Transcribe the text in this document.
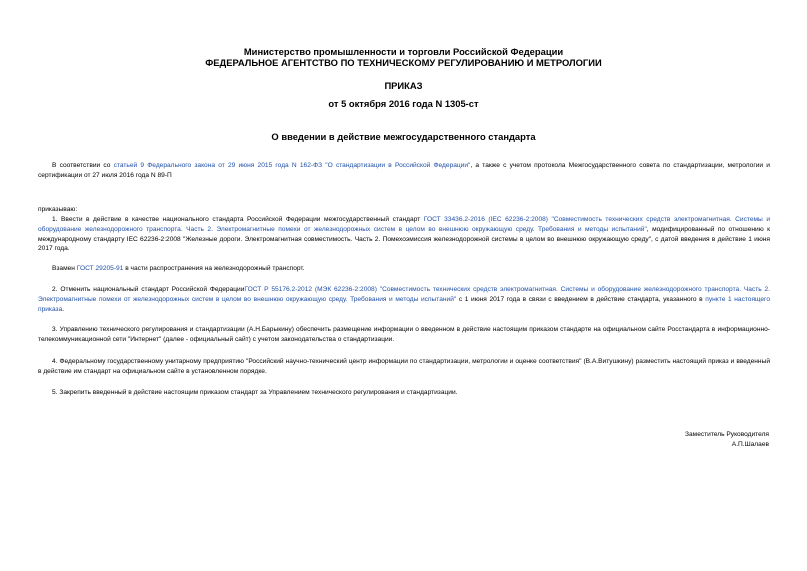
Министерство промышленности и торговли Российской Федерации
ФЕДЕРАЛЬНОЕ АГЕНТСТВО ПО ТЕХНИЧЕСКОМУ РЕГУЛИРОВАНИЮ И МЕТРОЛОГИИ
ПРИКАЗ
от 5 октября 2016 года N 1305-ст
О введении в действие межгосударственного стандарта
В соответствии со статьей 9 Федерального закона от 29 июня 2015 года N 162-ФЗ "О стандартизации в Российской Федерации", а также с учетом протокола Межгосударственного совета по стандартизации, метрологии и сертификации от 27 июля 2016 года N 89-П
приказываю:
1. Ввести в действие в качестве национального стандарта Российской Федерации межгосударственный стандарт ГОСТ 33436.2-2016 (IEC 62236-2:2008) "Совместимость технических средств электромагнитная. Системы и оборудование железнодорожного транспорта. Часть 2. Электромагнитные помехи от железнодорожных систем в целом во внешнюю окружающую среду. Требования и методы испытаний", модифицированный по отношению к международному стандарту IEC 62236-2:2008 "Железные дороги. Электромагнитная совместимость. Часть 2. Помехоэмиссия железнодорожной системы в целом во внешнюю окружающую среду", с датой введения в действие 1 июня 2017 года.
Взамен ГОСТ 29205-91 в части распространения на железнодорожный транспорт.
2. Отменить национальный стандарт Российской ФедерацииГОСТ Р 55176.2-2012 (МЭК 62236-2:2008) "Совместимость технических средств электромагнитная. Системы и оборудование железнодорожного транспорта. Часть 2. Электромагнитные помехи от железнодорожных систем в целом во внешнюю окружающую среду. Требования и методы испытаний" с 1 июня 2017 года в связи с введением в действие стандарта, указанного в пункте 1 настоящего приказа.
3. Управлению технического регулирования и стандартизации (А.Н.Барыкину) обеспечить размещение информации о введенном в действие настоящим приказом стандарте на официальном сайте Росстандарта в информационно-телекоммуникационной сети "Интернет" (далее - официальный сайт) с учетом законодательства о стандартизации.
4. Федеральному государственному унитарному предприятию "Российский научно-технический центр информации по стандартизации, метрологии и оценке соответствия" (В.А.Витушкину) разместить настоящий приказ и введенный в действие им стандарт на официальном сайте в установленном порядке.
5. Закрепить введенный в действие настоящим приказом стандарт за Управлением технического регулирования и стандартизации.
Заместитель Руководителя
А.П.Шалаев
